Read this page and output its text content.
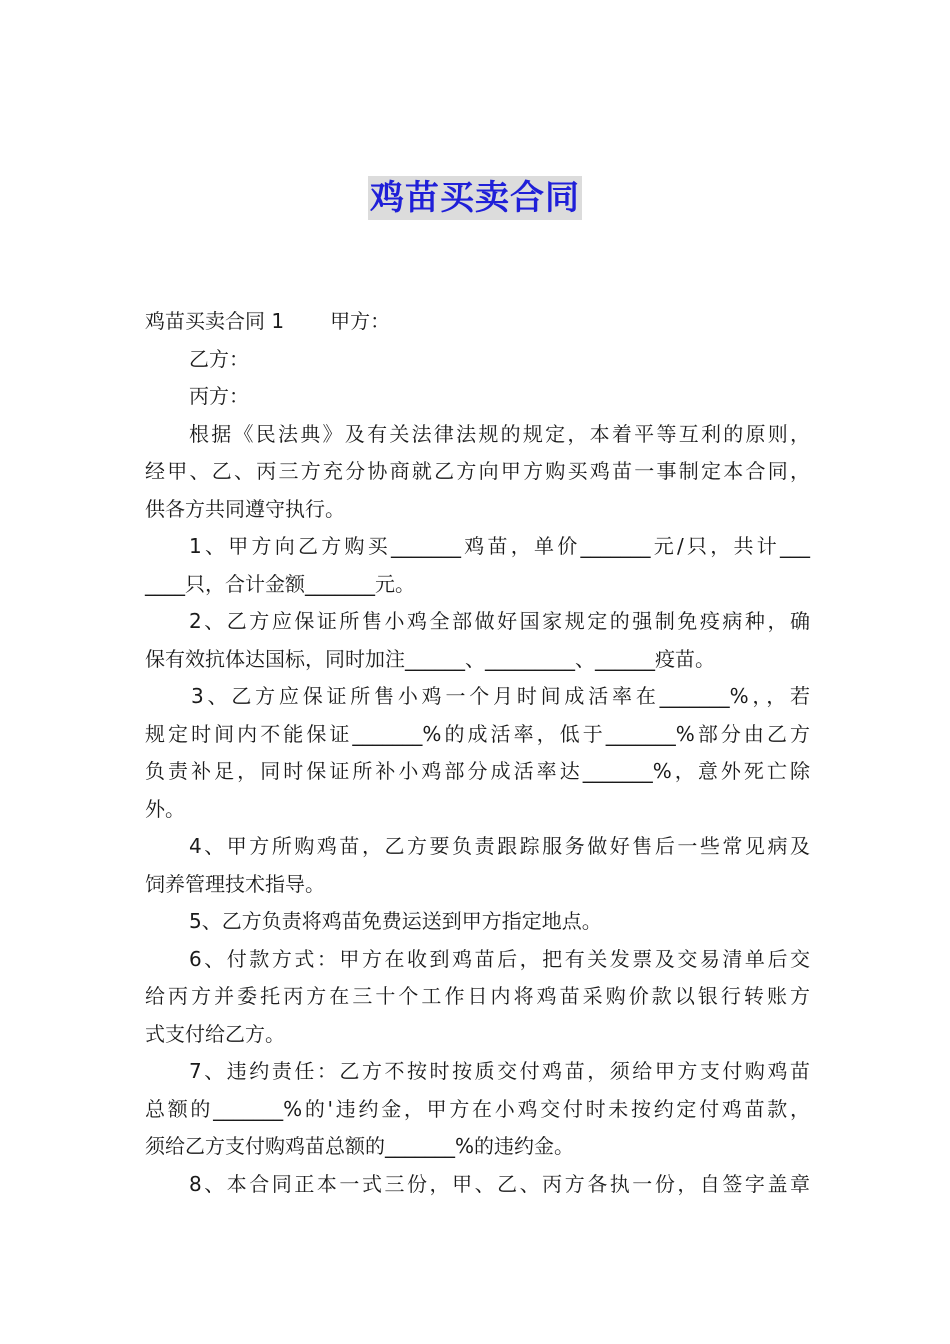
鸡苗买卖合同
鸡苗买卖合同 1 甲方：
乙方：
丙方：
根据《民法典》及有关法律法规的规定，本着平等互利的原则，
经甲、乙、丙三方充分协商就乙方向甲方购买鸡苗一事制定本合同，
供各方共同遵守执行。
1、甲方向乙方购买_______鸡苗，单价_______元/只，共计___
____只，合计金额_______元。
2、乙方应保证所售小鸡全部做好国家规定的强制免疫病种，确
保有效抗体达国标，同时加注______、_________、______疫苗。
3、乙方应保证所售小鸡一个月时间成活率在_______%，，若
规定时间内不能保证_______%的成活率，低于_______%部分由乙方
负责补足，同时保证所补小鸡部分成活率达_______%，意外死亡除
外。
4、甲方所购鸡苗，乙方要负责跟踪服务做好售后一些常见病及
饲养管理技术指导。
5、乙方负责将鸡苗免费运送到甲方指定地点。
6、付款方式：甲方在收到鸡苗后，把有关发票及交易清单后交
给丙方并委托丙方在三十个工作日内将鸡苗采购价款以银行转账方
式支付给乙方。
7、违约责任：乙方不按时按质交付鸡苗，须给甲方支付购鸡苗
总额的_______%的'违约金，甲方在小鸡交付时未按约定付鸡苗款，
须给乙方支付购鸡苗总额的_______%的违约金。
8、本合同正本一式三份，甲、乙、丙方各执一份，自签字盖章
